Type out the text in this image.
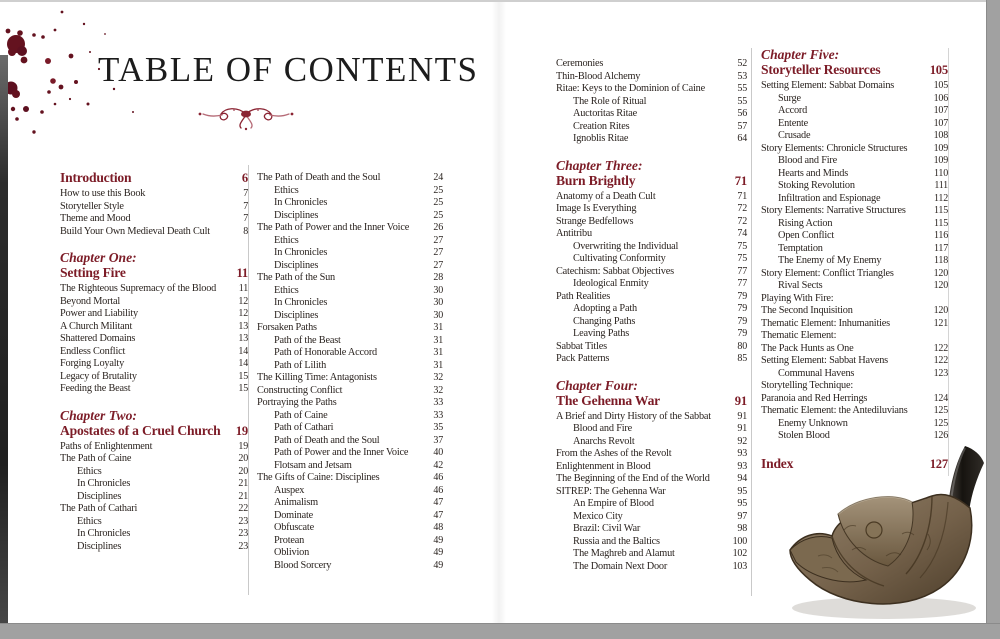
TABLE OF CONTENTS
Introduction	6
How to use this Book	7
Storyteller Style	7
Theme and Mood	7
Build Your Own Medieval Death Cult	8
Chapter One:
Setting Fire	11
The Righteous Supremacy of the Blood 11
Beyond Mortal	12
Power and Liability	12
A Church Militant	13
Shattered Domains	13
Endless Conflict	14
Forging Loyalty	14
Legacy of Brutality	15
Feeding the Beast	15
Chapter Two:
Apostates of a Cruel Church 19
Paths of Enlightenment	19
The Path of Caine	20
Ethics	20
In Chronicles	21
Disciplines	21
The Path of Cathari	22
Ethics	23
In Chronicles	23
Disciplines	23
The Path of Death and the Soul	24
Ethics	25
In Chronicles	25
Disciplines	25
The Path of Power and the Inner Voice 26
Ethics	27
In Chronicles	27
Disciplines	27
The Path of the Sun	28
Ethics	30
In Chronicles	30
Disciplines	30
Forsaken Paths	31
Path of the Beast	31
Path of Honorable Accord	31
Path of Lilith	31
The Killing Time: Antagonists	32
Constructing Conflict	32
Portraying the Paths	33
Path of Caine	33
Path of Cathari	35
Path of Death and the Soul	37
Path of Power and the Inner Voice	40
Flotsam and Jetsam	42
The Gifts of Caine: Disciplines	46
Auspex	46
Animalism	47
Dominate	47
Obfuscate	48
Protean	49
Oblivion	49
Blood Sorcery	49
Ceremonies	52
Thin-Blood Alchemy	53
Ritae: Keys to the Dominion of Caine	55
The Role of Ritual	55
Auctoritas Ritae	56
Creation Rites	57
Ignoblis Ritae	64
Chapter Three:
Burn Brightly	71
Anatomy of a Death Cult	71
Image Is Everything	72
Strange Bedfellows	72
Antitribu	74
Overwriting the Individual	75
Cultivating Conformity	75
Catechism: Sabbat Objectives	77
Ideological Enmity	77
Path Realities	79
Adopting a Path	79
Changing Paths	79
Leaving Paths	79
Sabbat Titles	80
Pack Patterns	85
Chapter Four:
The Gehenna War	91
A Brief and Dirty History of the Sabbat	91
Blood and Fire	91
Anarchs Revolt	92
From the Ashes of the Revolt	93
Enlightenment in Blood	93
The Beginning of the End of the World	94
SITREP: The Gehenna War	95
An Empire of Blood	95
Mexico City	97
Brazil: Civil War	98
Russia and the Baltics	100
The Maghreb and Alamut	102
The Domain Next Door	103
Chapter Five:
Storyteller Resources	105
Setting Element: Sabbat Domains	105
Surge	106
Accord	107
Entente	107
Crusade	108
Story Elements: Chronicle Structures	109
Blood and Fire	109
Hearts and Minds	110
Stoking Revolution	111
Infiltration and Espionage	112
Story Elements: Narrative Structures	115
Rising Action	115
Open Conflict	116
Temptation	117
The Enemy of My Enemy	118
Story Element: Conflict Triangles	120
Rival Sects	120
Playing With Fire:
The Second Inquisition	120
Thematic Element: Inhumanities	121
Thematic Element:
The Pack Hunts as One	122
Setting Element: Sabbat Havens	122
Communal Havens	123
Storytelling Technique:
Paranoia and Red Herrings	124
Thematic Element: the Antediluvians	125
Enemy Unknown	125
Stolen Blood	126
Index	127
